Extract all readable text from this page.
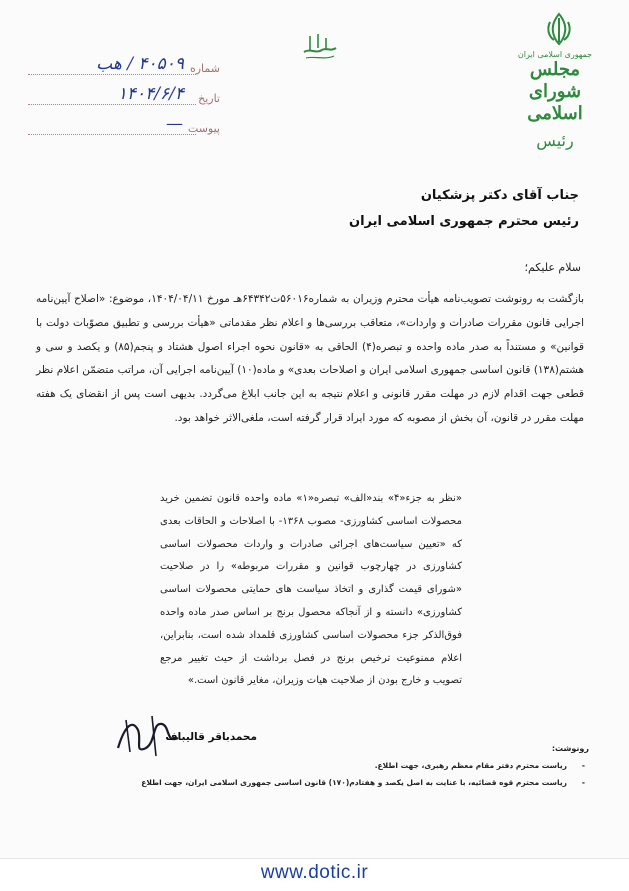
جمهوری اسلامی ایران
مجلس شورای اسلامی
رئیس
شماره
۴۰۵۰۹ / هب
تاریخ
۱۴۰۴/۶/۴
پیوست
—
جناب آقای دکتر پزشکیان
رئیس محترم جمهوری اسلامی ایران
سلام علیکم؛
بازگشت به رونوشت تصویب‌نامه هیأت محترم وزیران به شماره۵۶۰۱۶ت۶۴۳۴۲هـ مورخ ۱۴۰۴/۰۴/۱۱، موضوع: «اصلاح آیین‌نامه اجرایی قانون مقررات صادرات و واردات»، متعاقب بررسی‌ها و اعلام نظر مقدماتی «هیأت بررسی و تطبیق مصوّبات دولت با قوانین» و مستنداً به صدر ماده واحده و تبصره(۴) الحاقی به «قانون نحوه اجراء اصول هشتاد و پنجم(۸۵) و یکصد و سی و هشتم(۱۳۸) قانون اساسی جمهوری اسلامی ایران و اصلاحات بعدی» و ماده(۱۰) آیین‌نامه اجرایی آن، مراتب متضمّن اعلام نظر قطعی جهت اقدام لازم در مهلت مقرر قانونی و اعلام نتیجه به این جانب ابلاغ می‌گردد. بدیهی است پس از انقضای یک هفته مهلت مقرر در قانون، آن بخش از مصوبه که مورد ایراد قرار گرفته است، ملغی‌الاثر خواهد بود.
«نظر به جزء«۴» بند«الف» تبصره«۱» ماده واحده قانون تضمین خرید محصولات اساسی کشاورزی- مصوب ۱۳۶۸- با اصلاحات و الحاقات بعدی که «تعیین سیاست‌های اجرائی صادرات و واردات محصولات اساسی کشاورزی در چهارچوب قوانین و مقررات مربوطه» را در صلاحیت «شورای قیمت گذاری و اتخاذ سیاست های حمایتی محصولات اساسی کشاورزی» دانسته و از آنجاکه محصول برنج بر اساس صدر ماده واحده فوق‌الذکر جزء محصولات اساسی کشاورزی قلمداد شده است، بنابراین، اعلام ممنوعیت ترخیص برنج در فصل برداشت از حیث تغییر مرجع تصویب و خارج بودن از صلاحیت هیات وزیران، مغایر قانون است.»
محمدباقر قالیباف
رونوشت:
- ریاست محترم دفتر مقام معظم رهبری، جهت اطلاع.
- ریاست محترم قوه قضائیه، با عنایت به اصل یکصد و هفتادم(۱۷۰) قانون اساسی جمهوری اسلامی ایران، جهت اطلاع
www.dotic.ir
